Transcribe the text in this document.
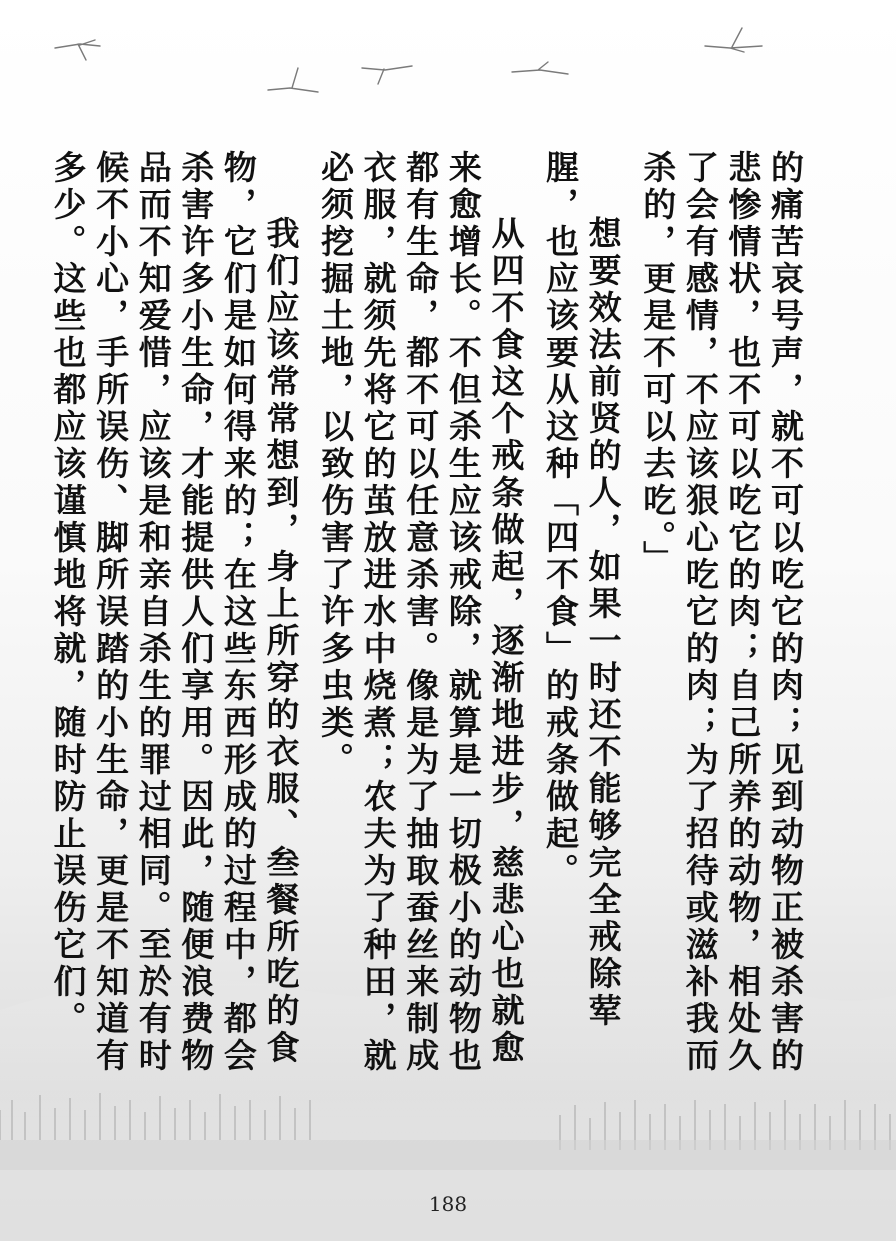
的痛苦哀号声，就不可以吃它的肉；见到动物正被杀害的悲惨情状，也不可以吃它的肉；自己所养的动物，相处久了会有感情，不应该狠心吃它的肉；为了招待或滋补我而杀的，更是不可以去吃。」

想要效法前贤的人，如果一时还不能够完全戒除荤腥，也应该要从这种「四不食」的戒条做起。

从四不食这个戒条做起，逐渐地进步，慈悲心也就愈来愈增长。不但杀生应该戒除，就算是一切极小的动物也都有生命，都不可以任意杀害。像是为了抽取蚕丝来制成衣服，就须先将它的茧放进水中烧煮；农夫为了种田，就必须挖掘土地，以致伤害了许多虫类。

我们应该常常想到，身上所穿的衣服、叁餐所吃的食物，它们是如何得来的；在这些东西形成的过程中，都会杀害许多小生命，才能提供人们享用。因此，随便浪费物品而不知爱惜，应该是和亲自杀生的罪过相同。至於有时候不小心，手所误伤、脚所误踏的小生命，更是不知道有多少。这些也都应该谨慎地将就，随时防止误伤它们。

188
